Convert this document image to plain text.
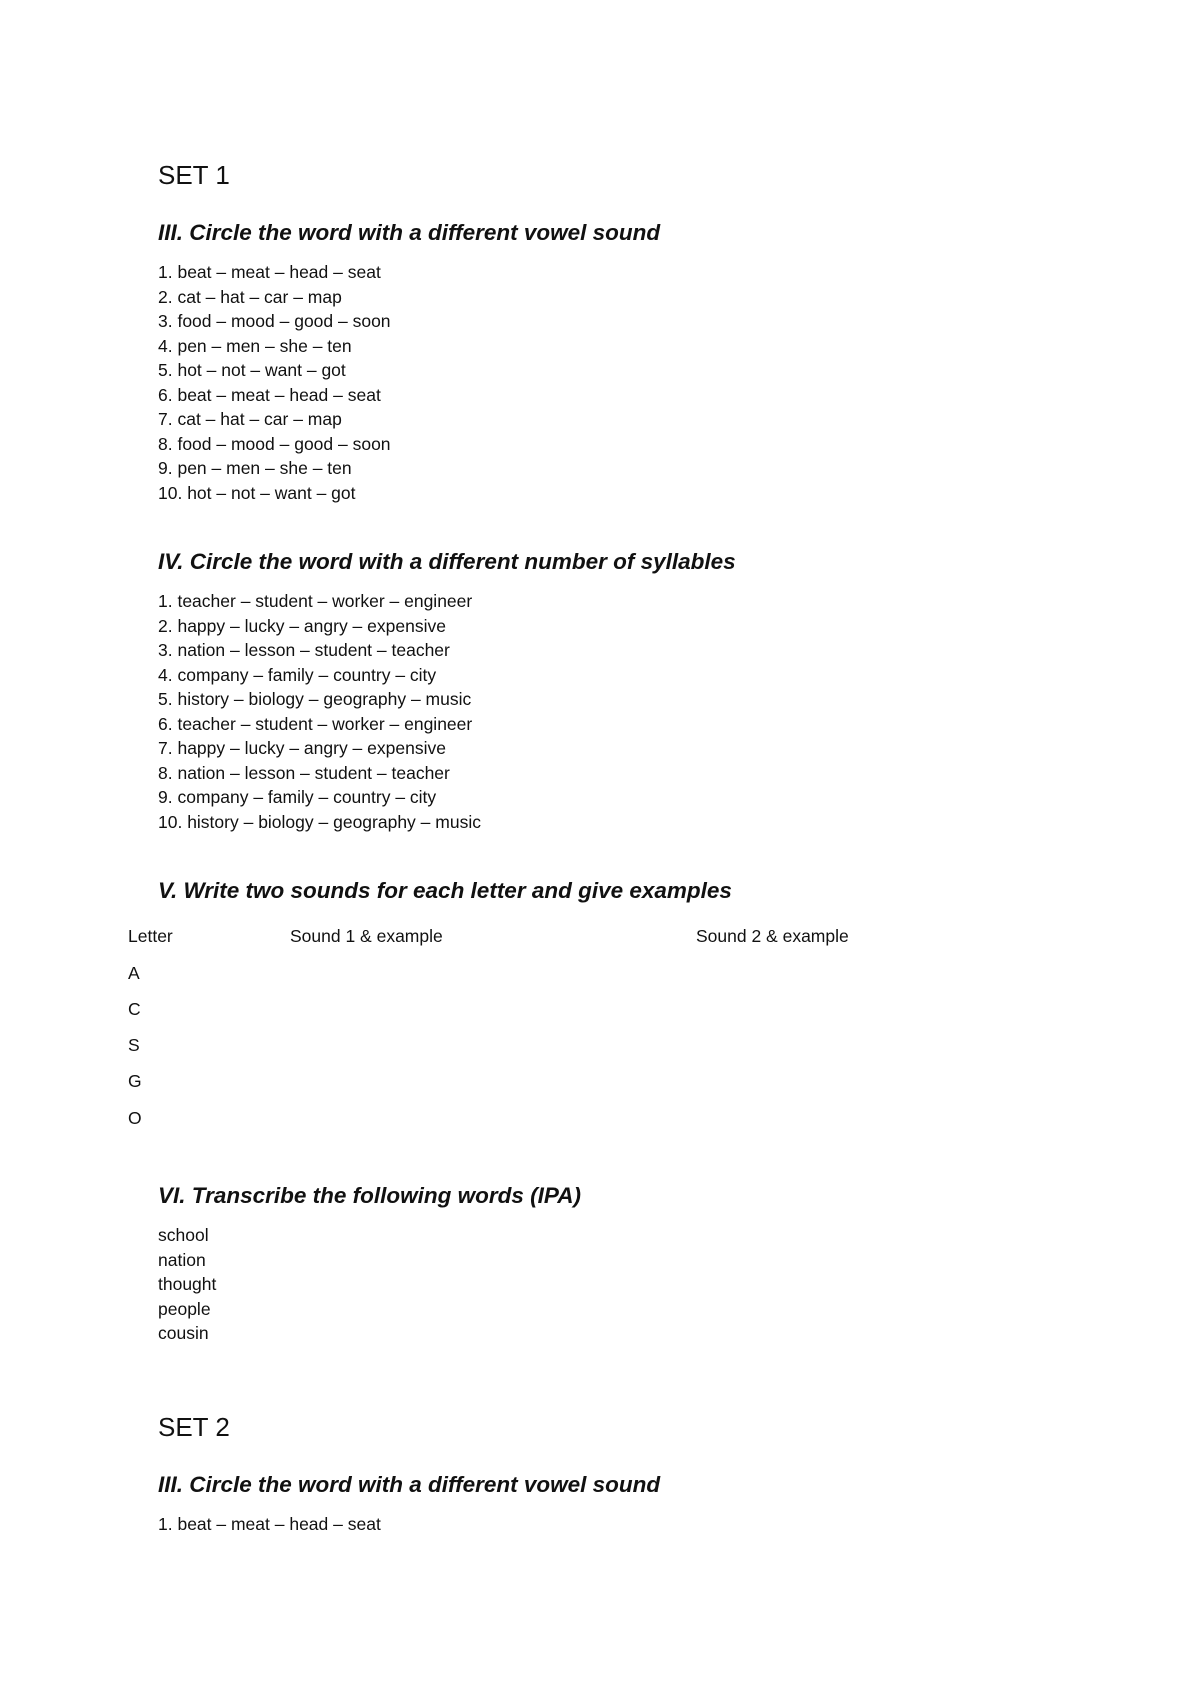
SET 1
III. Circle the word with a different vowel sound
1. beat – meat – head – seat
2. cat – hat – car – map
3. food – mood – good – soon
4. pen – men – she – ten
5. hot – not – want – got
6. beat – meat – head – seat
7. cat – hat – car – map
8. food – mood – good – soon
9. pen – men – she – ten
10. hot – not – want – got
IV. Circle the word with a different number of syllables
1. teacher – student – worker – engineer
2. happy – lucky – angry – expensive
3. nation – lesson – student – teacher
4. company – family – country – city
5. history – biology – geography – music
6. teacher – student – worker – engineer
7. happy – lucky – angry – expensive
8. nation – lesson – student – teacher
9. company – family – country – city
10. history – biology – geography – music
V. Write two sounds for each letter and give examples
Letter	Sound 1 & example	Sound 2 & example
A
C
S
G
O
VI. Transcribe the following words (IPA)
school
nation
thought
people
cousin
SET 2
III. Circle the word with a different vowel sound
1. beat – meat – head – seat
